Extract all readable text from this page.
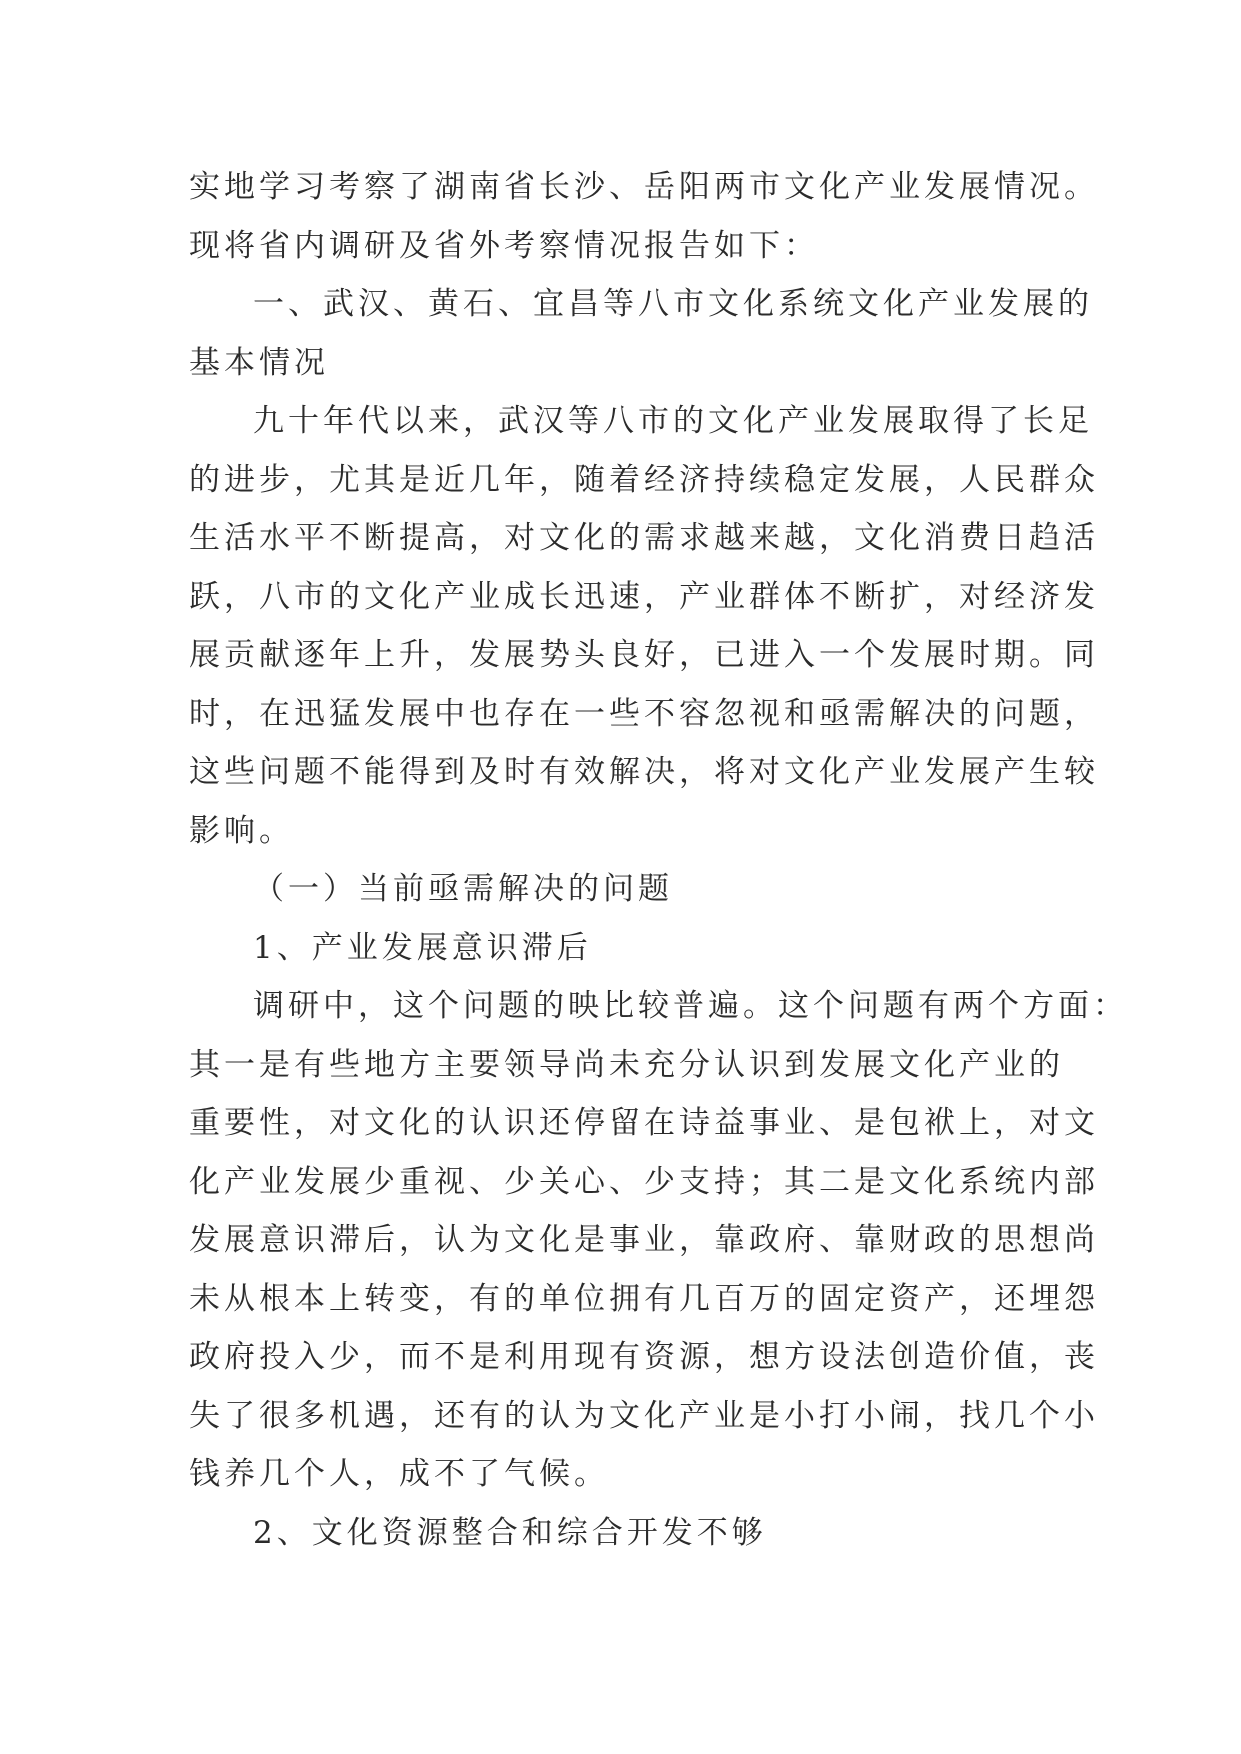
实地学习考察了湖南省长沙、岳阳两市文化产业发展情况。
现将省内调研及省外考察情况报告如下：
一、武汉、黄石、宜昌等八市文化系统文化产业发展的
基本情况
九十年代以来，武汉等八市的文化产业发展取得了长足
的进步，尤其是近几年，随着经济持续稳定发展，人民群众
生活水平不断提高，对文化的需求越来越，文化消费日趋活
跃，八市的文化产业成长迅速，产业群体不断扩，对经济发
展贡献逐年上升，发展势头良好，已进入一个发展时期。同
时，在迅猛发展中也存在一些不容忽视和亟需解决的问题，
这些问题不能得到及时有效解决，将对文化产业发展产生较
影响。
（一）当前亟需解决的问题
1、产业发展意识滞后
调研中，这个问题的映比较普遍。这个问题有两个方面：
其一是有些地方主要领导尚未充分认识到发展文化产业的
重要性，对文化的认识还停留在诗益事业、是包袱上，对文
化产业发展少重视、少关心、少支持；其二是文化系统内部
发展意识滞后，认为文化是事业，靠政府、靠财政的思想尚
未从根本上转变，有的单位拥有几百万的固定资产，还埋怨
政府投入少，而不是利用现有资源，想方设法创造价值，丧
失了很多机遇，还有的认为文化产业是小打小闹，找几个小
钱养几个人，成不了气候。
2、文化资源整合和综合开发不够
